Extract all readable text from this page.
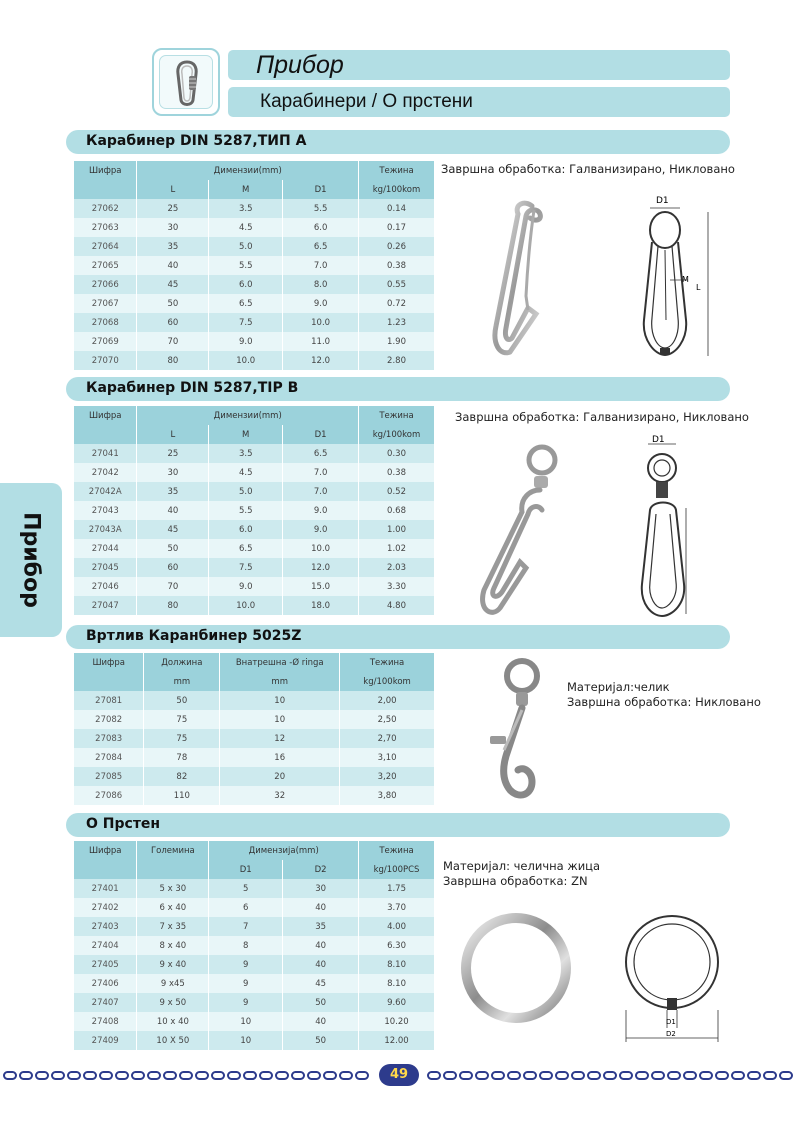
Прибор
Карабинери / О прстени
Прибор
Карабинер DIN 5287,ТИП А
Шифра	Димензии(mm)			Тежина
	L	M	D1	kg/100kom
27062	25	3.5	5.5	0.14
27063	30	4.5	6.0	0.17
27064	35	5.0	6.5	0.26
27065	40	5.5	7.0	0.38
27066	45	6.0	8.0	0.55
27067	50	6.5	9.0	0.72
27068	60	7.5	10.0	1.23
27069	70	9.0	11.0	1.90
27070	80	10.0	12.0	2.80
Завршна обработка: Галванизирано, Никловано
D1
M
L
Карабинер DIN 5287,TIP B
Шифра	Димензии(mm)			Тежина
	L	M	D1	kg/100kom
27041	25	3.5	6.5	0.30
27042	30	4.5	7.0	0.38
27042A	35	5.0	7.0	0.52
27043	40	5.5	9.0	0.68
27043A	45	6.0	9.0	1.00
27044	50	6.5	10.0	1.02
27045	60	7.5	12.0	2.03
27046	70	9.0	15.0	3.30
27047	80	10.0	18.0	4.80
Завршна обработка: Галванизирано, Никловано
D1
Вртлив Каранбинер 5025Z
Шифра	Должина	Внатрешна -Ø ringa	Тежина
	mm	mm	kg/100kom
27081	50	10	2,00
27082	75	10	2,50
27083	75	12	2,70
27084	78	16	3,10
27085	82	20	3,20
27086	110	32	3,80
Материјал:челик
Завршна обработка: Никловано
О Прстен
Шифра	Големина	Димензија(mm)		Тежина
		D1	D2	kg/100PCS
27401	5 x 30	5	30	1.75
27402	6 x 40	6	40	3.70
27403	7 x 35	7	35	4.00
27404	8 x 40	8	40	6.30
27405	9 x 40	9	40	8.10
27406	9 x45	9	45	8.10
27407	9 x 50	9	50	9.60
27408	10 x 40	10	40	10.20
27409	10 X 50	10	50	12.00
Материјал: челична жица
Завршна обработка: ZN
D1
D2
49
